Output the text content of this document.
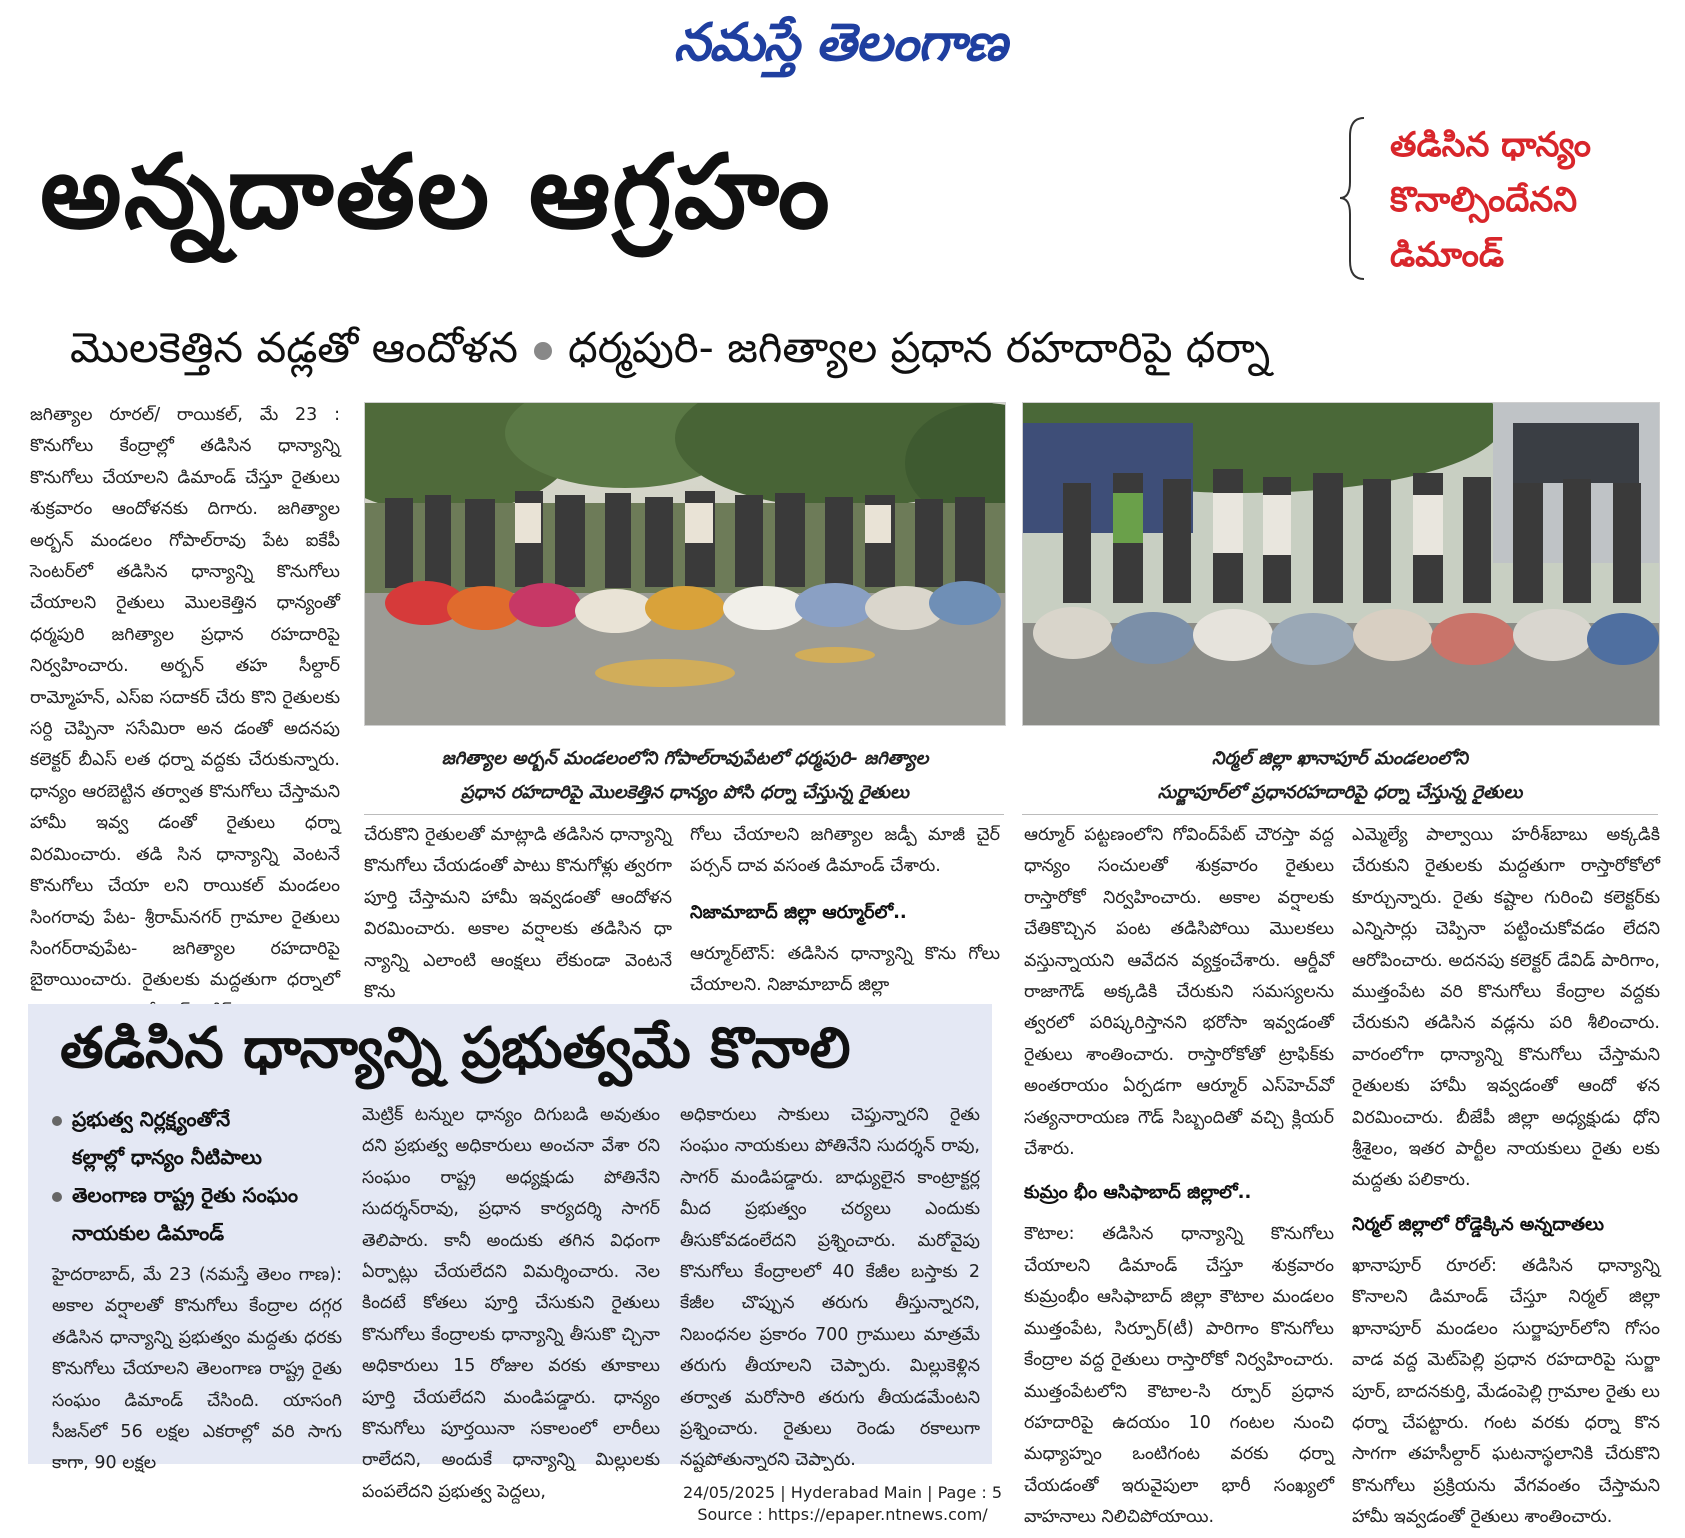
నమస్తే తెలంగాణ
అన్నదాతల ఆగ్రహం	తడిసిన ధాన్యం
కొనాల్సిందేనని
డిమాండ్
మొలకెత్తిన వడ్లతో ఆందోళన ధర్మపురి- జగిత్యాల ప్రధాన రహదారిపై ధర్నా
జగిత్యాల రూరల్/ రాయికల్, మే 23 : కొనుగోలు కేంద్రాల్లో తడిసిన ధాన్యాన్ని కొనుగోలు చేయాలని డిమాండ్ చేస్తూ రైతులు శుక్రవారం ఆందోళనకు దిగారు. జగిత్యాల అర్బన్ మండలం గోపాల్‌రావు పేట ఐకేపీ సెంటర్‌లో తడిసిన ధాన్యాన్ని కొనుగోలు చేయాలని రైతులు మొలకెత్తిన ధాన్యంతో ధర్మపురి జగిత్యాల ప్రధాన రహదారిపై నిర్వహించారు. అర్బన్ తహ సీల్దార్ రామ్మోహన్, ఎస్ఐ సదాకర్ చేరు కొని రైతులకు సర్ది చెప్పినా ససేమిరా అన డంతో అదనపు కలెక్టర్ బీఎస్ లత ధర్నా వద్దకు చేరుకున్నారు. ధాన్యం ఆరబెట్టిన తర్వాత కొనుగోలు చేస్తామని హామీ ఇవ్వ డంతో రైతులు ధర్నా విరమించారు. తడి సిన ధాన్యాన్ని వెంటనే కొనుగోలు చేయా లని రాయికల్ మండలం సింగరావు పేట- శ్రీరామ్‌నగర్ గ్రామాల రైతులు సింగర్‌రావుపేట- జగిత్యాల రహదారిపై బైఠాయించారు. రైతులకు మద్దతుగా ధర్నాలో
జగిత్యాల అర్బన్ మండలంలోని గోపాల్‌రావుపేటలో ధర్మపురి- జగిత్యాల
ప్రధాన రహదారిపై మొలకెత్తిన ధాన్యం పోసి ధర్నా చేస్తున్న రైతులు
నిర్మల్ జిల్లా ఖానాపూర్ మండలంలోని
సుర్జాపూర్‌లో ప్రధానరహదారిపై ధర్నా చేస్తున్న రైతులు
చేరుకొని రైతులతో మాట్లాడి తడిసిన ధాన్యాన్ని కొనుగోలు చేయడంతో పాటు కొనుగోళ్లు త్వరగా పూర్తి చేస్తామని హామీ ఇవ్వడంతో ఆందోళన విరమించారు. అకాల వర్షాలకు తడిసిన ధా న్యాన్ని ఎలాంటి ఆంక్షలు లేకుండా వెంటనే కొను
గోలు చేయాలని జగిత్యాల జడ్పీ మాజీ చైర్ పర్సన్ దావ వసంత డిమాండ్ చేశారు.
నిజామాబాద్ జిల్లా ఆర్మూర్‌లో..
ఆర్మూర్‌టౌన్: తడిసిన ధాన్యాన్ని కొను గోలు చేయాలని. నిజామాబాద్ జిల్లా
ఆర్మూర్ పట్టణంలోని గోవింద్‌పేట్ చౌరస్తా వద్ద ధాన్యం సంచులతో శుక్రవారం రైతులు రాస్తారోకో నిర్వహించారు. అకాల వర్షాలకు చేతికొచ్చిన పంట తడిసిపోయి మొలకలు వస్తున్నాయని ఆవేదన వ్యక్తంచేశారు. ఆర్డీవో రాజాగౌడ్ అక్కడికి చేరుకుని సమస్యలను త్వరలో పరిష్కరిస్తానని భరోసా ఇవ్వడంతో రైతులు శాంతించారు. రాస్తారోకోతో ట్రాఫిక్‌కు అంతరాయం ఏర్పడగా ఆర్మూర్ ఎస్‌హెచ్‌వో సత్యనారాయణ గౌడ్ సిబ్బందితో వచ్చి క్లియర్ చేశారు.
కుమ్రం భీం ఆసిఫాబాద్ జిల్లాలో..
కౌటాల: తడిసిన ధాన్యాన్ని కొనుగోలు చేయాలని డిమాండ్ చేస్తూ శుక్రవారం కుమ్రంభీం ఆసిఫాబాద్ జిల్లా కౌటాల మండలం ముత్తంపేట, సిర్పూర్(టీ) పారిగాం కొనుగోలు కేంద్రాల వద్ద రైతులు రాస్తారోకో నిర్వహించారు. ముత్తంపేటలోని కౌటాల-సి ర్పూర్ ప్రధాన రహదారిపై ఉదయం 10 గంటల నుంచి మధ్యాహ్నం ఒంటిగంట వరకు ధర్నా చేయడంతో ఇరువైపులా భారీ సంఖ్యలో వాహనాలు నిలిచిపోయాయి.
ఎమ్మెల్యే పాల్వాయి హరీశ్‌బాబు అక్కడికి చేరుకుని రైతులకు మద్దతుగా రాస్తారోకోలో కూర్చున్నారు. రైతు కష్టాల గురించి కలెక్టర్‌కు ఎన్నిసార్లు చెప్పినా పట్టించుకోవడం లేదని ఆరోపించారు. అదనపు కలెక్టర్ డేవిడ్ పారిగాం, ముత్తంపేట వరి కొనుగోలు కేంద్రాల వద్దకు చేరుకుని తడిసిన వడ్లను పరి శీలించారు. వారంలోగా ధాన్యాన్ని కొనుగోలు చేస్తామని రైతులకు హామీ ఇవ్వడంతో ఆందో ళన విరమించారు. బీజేపీ జిల్లా అధ్యక్షుడు ధోని శ్రీశైలం, ఇతర పార్టీల నాయకులు రైతు లకు మద్దతు పలికారు.
నిర్మల్ జిల్లాలో రోడ్డెక్కిన అన్నదాతలు
ఖానాపూర్ రూరల్: తడిసిన ధాన్యాన్ని కొనాలని డిమాండ్ చేస్తూ నిర్మల్ జిల్లా ఖానాపూర్ మండలం సుర్జాపూర్‌లోని గోసం వాడ వద్ద మెట్‌పెల్లి ప్రధాన రహదారిపై సుర్జా పూర్, బాదనకుర్తి, మేడంపెల్లి గ్రామాల రైతు లు ధర్నా చేపట్టారు. గంట వరకు ధర్నా కొన సాగగా తహసీల్దార్ ఘటనాస్థలానికి చేరుకొని కొనుగోలు ప్రక్రియను వేగవంతం చేస్తామని హామీ ఇవ్వడంతో రైతులు శాంతించారు.
తడిసిన ధాన్యాన్ని ప్రభుత్వమే కొనాలి
ప్రభుత్వ నిర్లక్ష్యంతోనే
కల్లాల్లో ధాన్యం నీటిపాలు
తెలంగాణ రాష్ట్ర రైతు సంఘం
నాయకుల డిమాండ్
హైదరాబాద్, మే 23 (నమస్తే తెలం గాణ): అకాల వర్షాలతో కొనుగోలు కేంద్రాల దగ్గర తడిసిన ధాన్యాన్ని ప్రభుత్వం మద్దతు ధరకు కొనుగోలు చేయాలని తెలంగాణ రాష్ట్ర రైతు సంఘం డిమాండ్ చేసింది. యాసంగి సీజన్‌లో 56 లక్షల ఎకరాల్లో వరి సాగు కాగా, 90 లక్షల
మెట్రిక్ టన్నుల ధాన్యం దిగుబడి అవుతుం దని ప్రభుత్వ అధికారులు అంచనా వేశా రని సంఘం రాష్ట్ర అధ్యక్షుడు పోతినేని సుదర్శన్‌రావు, ప్రధాన కార్యదర్శి సాగర్ తెలిపారు. కానీ అందుకు తగిన విధంగా ఏర్పాట్లు చేయలేదని విమర్శించారు. నెల కిందటే కోతలు పూర్తి చేసుకుని రైతులు కొనుగోలు కేంద్రాలకు ధాన్యాన్ని తీసుకొ చ్చినా అధికారులు 15 రోజుల వరకు తూకాలు పూర్తి చేయలేదని మండిపడ్డారు. ధాన్యం కొనుగోలు పూర్తయినా సకాలంలో లారీలు రాలేదని, అందుకే ధాన్యాన్ని మిల్లులకు పంపలేదని ప్రభుత్వ పెద్దలు,
అధికారులు సాకులు చెప్తున్నారని రైతు సంఘం నాయకులు పోతినేని సుదర్శన్ రావు, సాగర్ మండిపడ్డారు. బాధ్యులైన కాంట్రాక్టర్ల మీద ప్రభుత్వం చర్యలు ఎందుకు తీసుకోవడంలేదని ప్రశ్నించారు. మరోవైపు కొనుగోలు కేంద్రాలలో 40 కేజీల బస్తాకు 2 కేజీల చొప్పున తరుగు తీస్తున్నారని, నిబంధనల ప్రకారం 700 గ్రాములు మాత్రమే తరుగు తీయాలని చెప్పారు. మిల్లుకెళ్లిన తర్వాత మరోసారి తరుగు తీయడమేంటని ప్రశ్నించారు. రైతులు రెండు రకాలుగా నష్టపోతున్నారని చెప్పారు.
24/05/2025 | Hyderabad Main | Page : 5
Source : https://epaper.ntnews.com/
